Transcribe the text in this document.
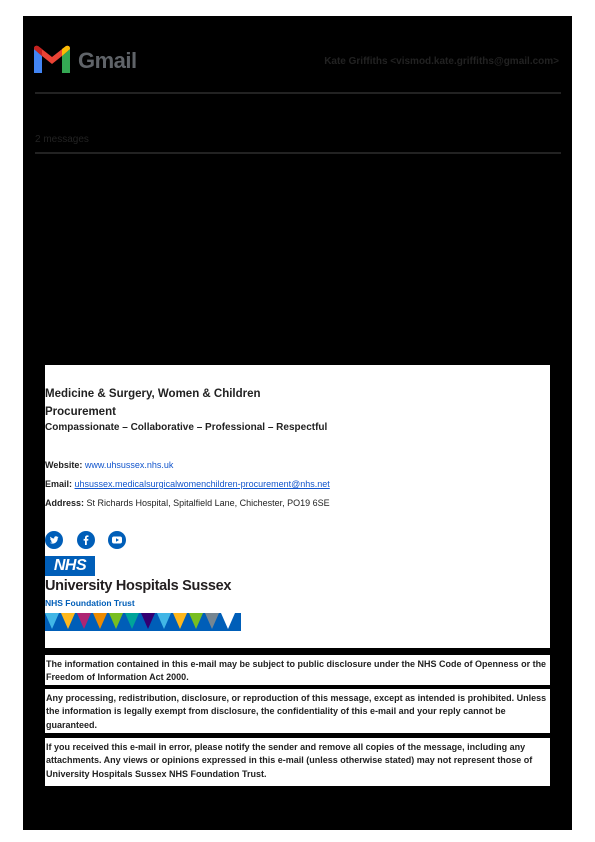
Gmail	Kate Griffiths <vismod.kate.griffiths@gmail.com>
2 messages
Medicine & Surgery, Women & Children
Procurement
Compassionate – Collaborative – Professional – Respectful
Website: www.uhsussex.nhs.uk
Email: uhsussex.medicalsurgicalwomenchildren-procurement@nhs.net
Address: St Richards Hospital, Spitalfield Lane, Chichester, PO19 6SE
NHS
University Hospitals Sussex
NHS Foundation Trust

The information contained in this e-mail may be subject to public disclosure under the NHS Code of Openness or the Freedom of Information Act 2000.

Any processing, redistribution, disclosure, or reproduction of this message, except as intended is prohibited. Unless the information is legally exempt from disclosure, the confidentiality of this e-mail and your reply cannot be guaranteed.

If you received this e-mail in error, please notify the sender and remove all copies of the message, including any attachments. Any views or opinions expressed in this e-mail (unless otherwise stated) may not represent those of University Hospitals Sussex NHS Foundation Trust.
